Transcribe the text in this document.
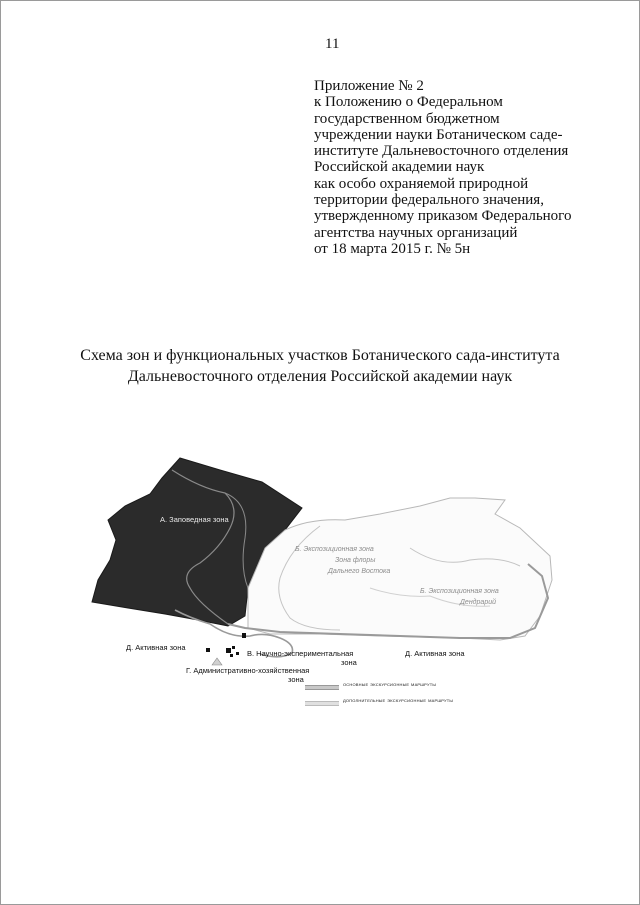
11
Приложение № 2
к Положению о Федеральном
государственном бюджетном
учреждении науки Ботаническом саде-
институте Дальневосточного отделения
Российской академии наук
как особо охраняемой природной
территории федерального значения,
утвержденному приказом Федерального
агентства научных организаций
от 18 марта 2015 г. № 5н
Схема зон и функциональных участков Ботанического сада-института
Дальневосточного отделения Российской академии наук
А. Заповедная зона
Б. Экспозиционная зона
Зона флоры
Дальнего Востока
Б. Экспозиционная зона
Дендрарий
Д. Активная зона
Д. Активная зона
В. Научно-экспериментальная
зона
Г. Административно-хозяйственная
зона
основные экскурсионные маршруты
дополнительные экскурсионные маршруты
